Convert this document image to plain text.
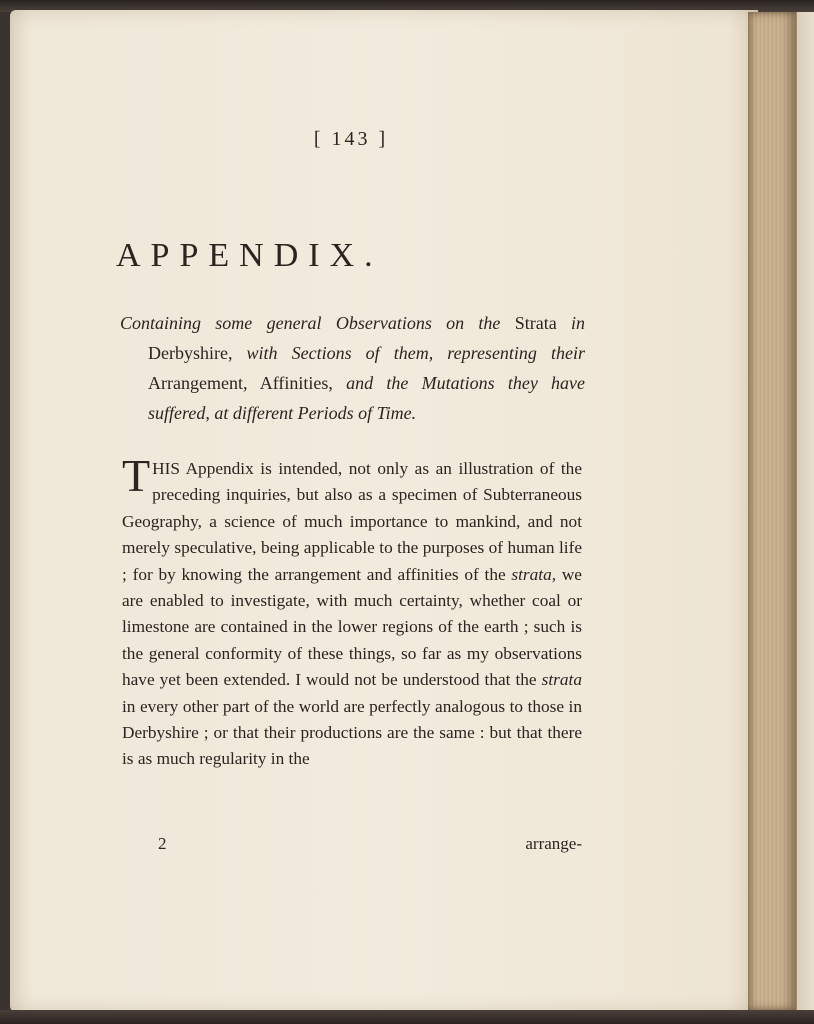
[ 143 ]
APPENDIX.
Containing some general Observations on the Strata in Derbyshire, with Sections of them, representing their Arrangement, Affinities, and the Mutations they have suffered, at different Periods of Time.
THIS Appendix is intended, not only as an illustration of the preceding inquiries, but also as a specimen of Subterraneous Geography, a science of much importance to mankind, and not merely speculative, being applicable to the purposes of human life ; for by knowing the arrangement and affinities of the strata, we are enabled to investigate, with much certainty, whether coal or limestone are contained in the lower regions of the earth ; such is the general conformity of these things, so far as my observations have yet been extended. I would not be understood that the strata in every other part of the world are perfectly analogous to those in Derbyshire ; or that their productions are the same : but that there is as much regularity in the
2	arrange-
